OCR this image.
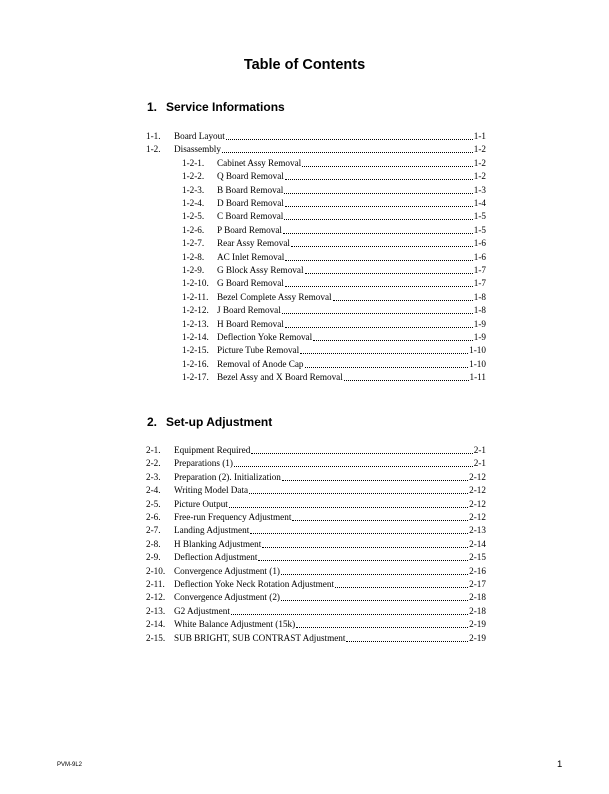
Table of Contents
1. Service Informations
1-1. Board Layout	1-1
1-2. Disassembly	1-2
1-2-1. Cabinet Assy Removal	1-2
1-2-2. Q Board Removal	1-2
1-2-3. B Board Removal	1-3
1-2-4. D Board Removal	1-4
1-2-5. C Board Removal	1-5
1-2-6. P Board Removal	1-5
1-2-7. Rear Assy Removal	1-6
1-2-8. AC Inlet Removal	1-6
1-2-9. G Block Assy Removal	1-7
1-2-10. G Board Removal	1-7
1-2-11. Bezel Complete Assy Removal	1-8
1-2-12. J Board Removal	1-8
1-2-13. H Board Removal	1-9
1-2-14. Deflection Yoke Removal	1-9
1-2-15. Picture Tube Removal	1-10
1-2-16. Removal of Anode Cap	1-10
1-2-17. Bezel Assy and X Board Removal	1-11
2. Set-up Adjustment
2-1. Equipment Required	2-1
2-2. Preparations (1)	2-1
2-3. Preparation (2). Initialization	2-12
2-4. Writing Model Data	2-12
2-5. Picture Output	2-12
2-6. Free-run Frequency Adjustment	2-12
2-7. Landing Adjustment	2-13
2-8. H Blanking Adjustment	2-14
2-9. Deflection Adjustment	2-15
2-10. Convergence Adjustment (1)	2-16
2-11. Deflection Yoke Neck Rotation Adjustment	2-17
2-12. Convergence Adjustment (2)	2-18
2-13. G2 Adjustment	2-18
2-14. White Balance Adjustment (15k)	2-19
2-15. SUB BRIGHT, SUB CONTRAST Adjustment	2-19
PVM-9L2	1
